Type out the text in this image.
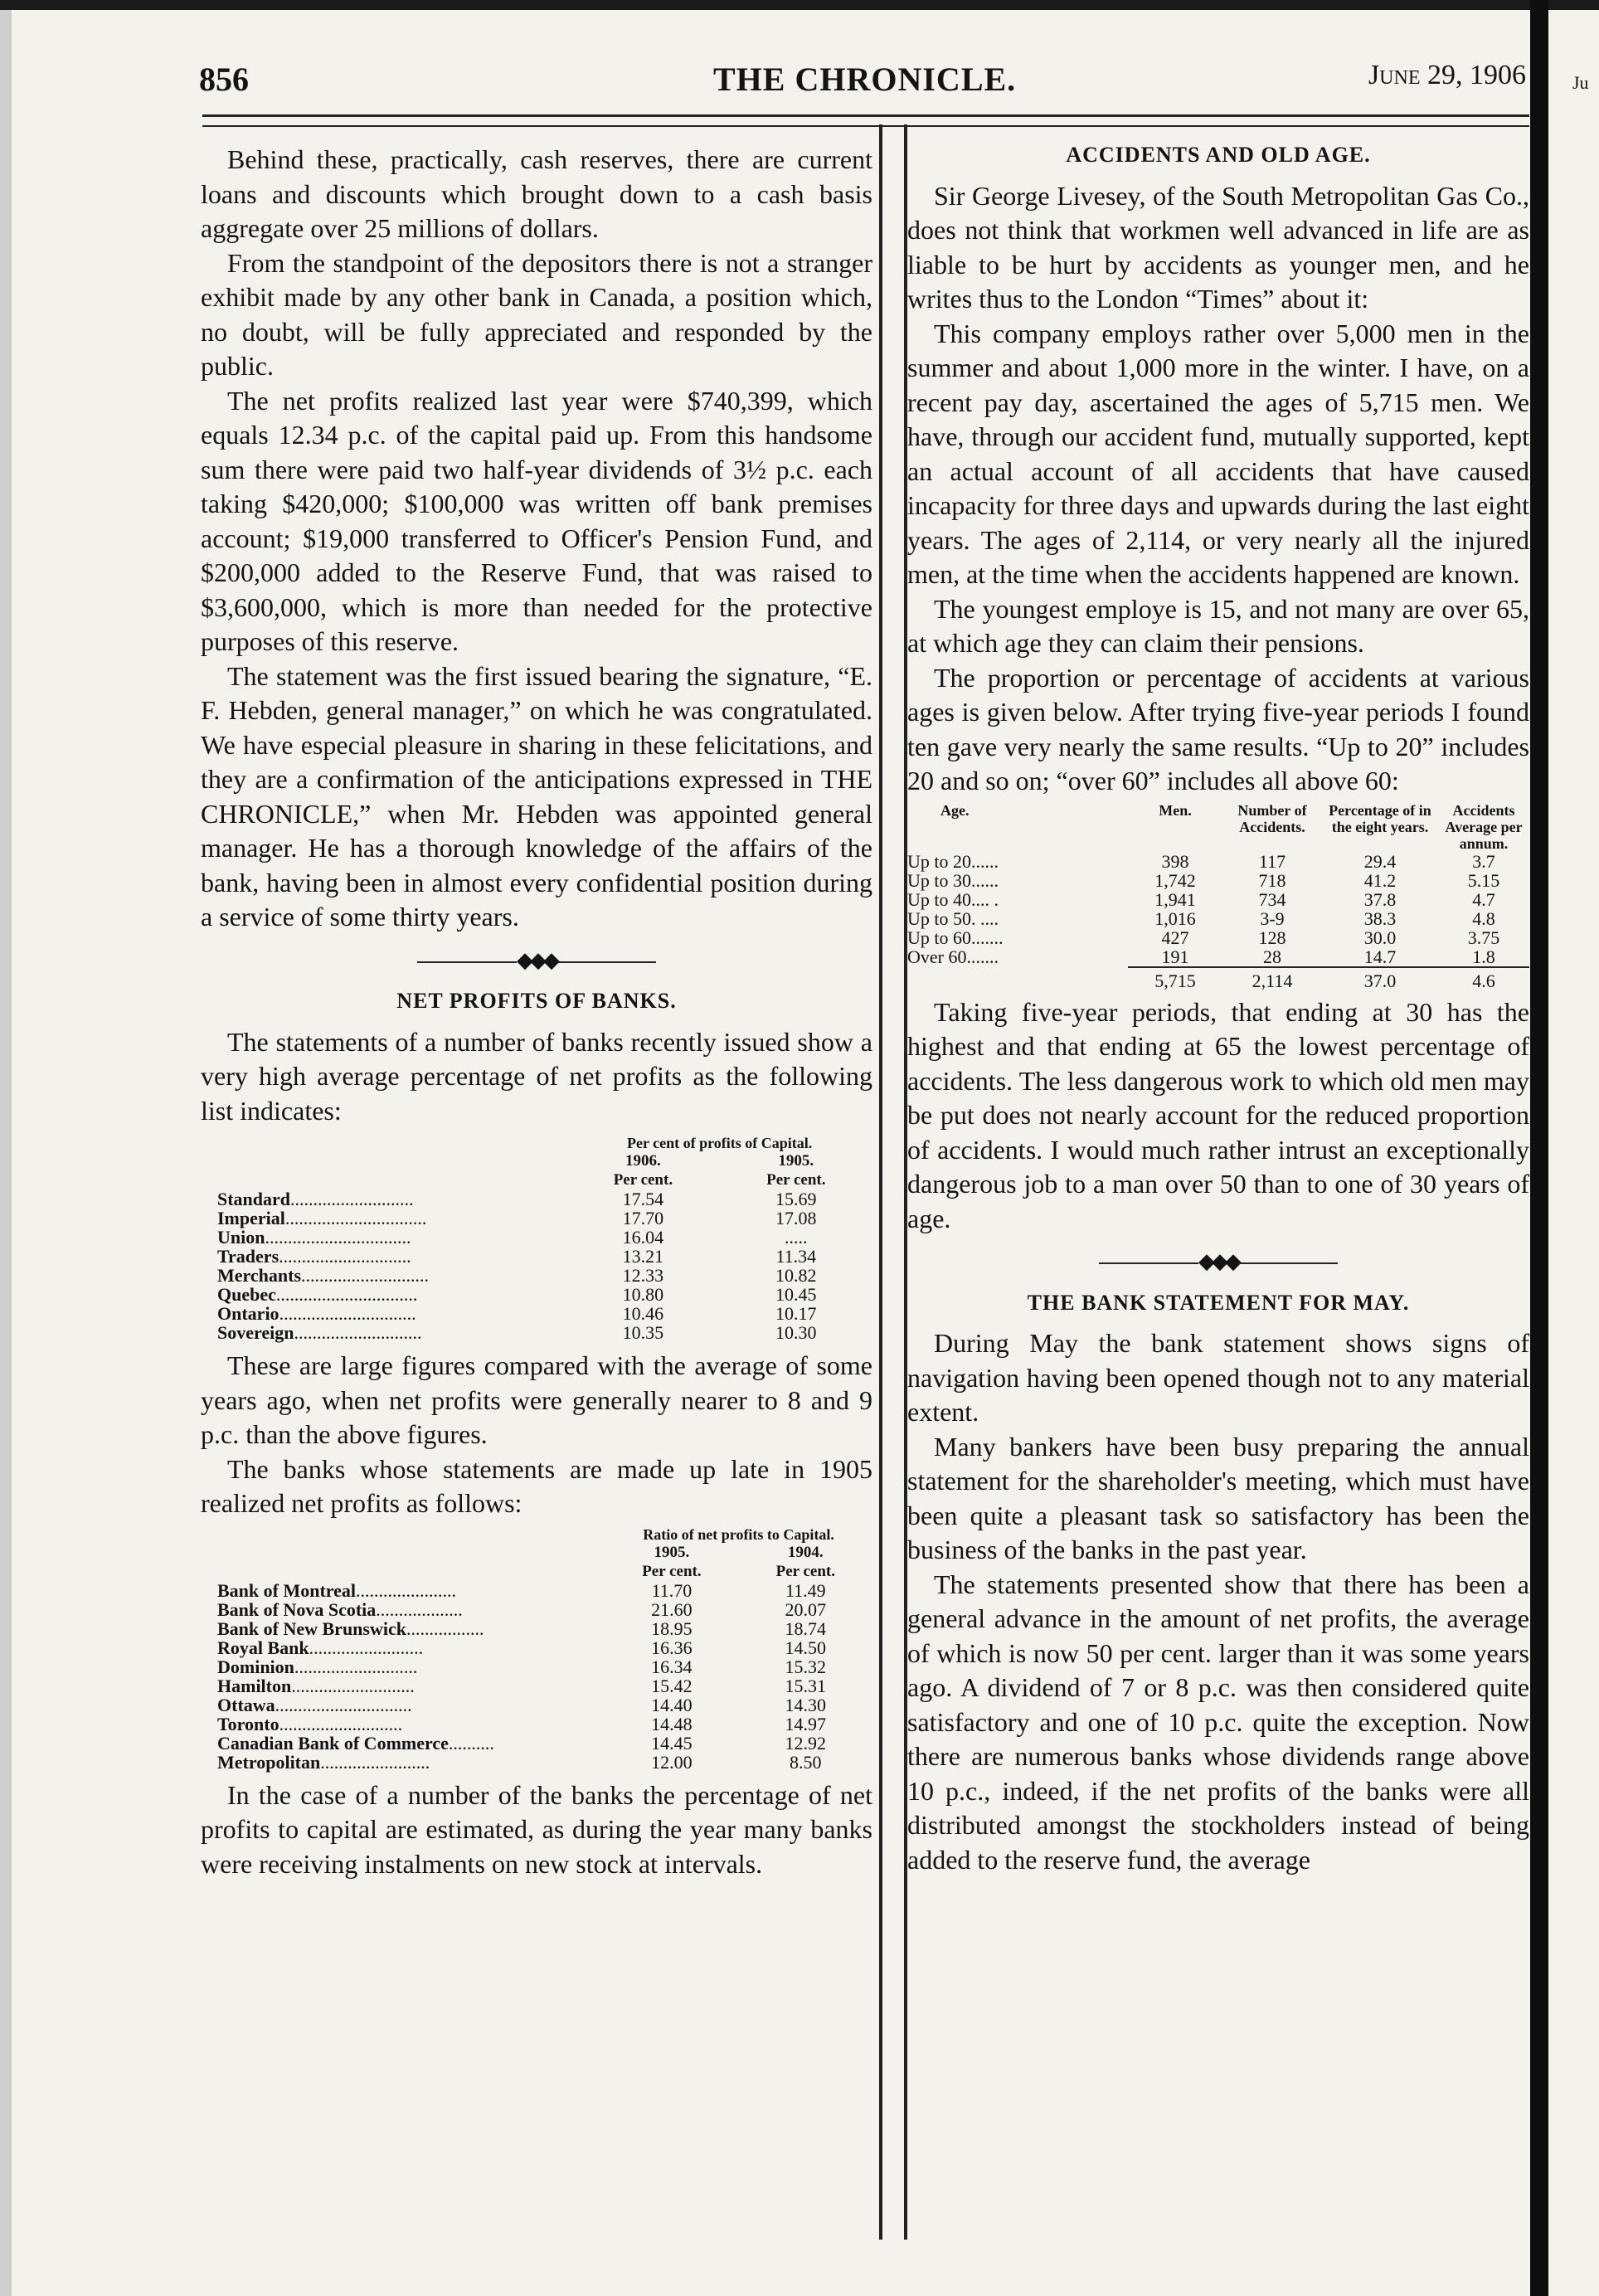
856	THE CHRONICLE.	June 29, 1906

Behind these, practically, cash reserves, there are current loans and discounts which brought down to a cash basis aggregate over 25 millions of dollars.

From the standpoint of the depositors there is not a stranger exhibit made by any other bank in Canada, a position which, no doubt, will be fully appreciated and responded by the public.

The net profits realized last year were $740,399, which equals 12.34 p.c. of the capital paid up. From this handsome sum there were paid two half-year dividends of 3½ p.c. each taking $420,000; $100,000 was written off bank premises account; $19,000 transferred to Officer's Pension Fund, and $200,000 added to the Reserve Fund, that was raised to $3,600,000, which is more than needed for the protective purposes of this reserve.

The statement was the first issued bearing the signature, “E. F. Hebden, general manager,” on which he was congratulated. We have especial pleasure in sharing in these felicitations, and they are a confirmation of the anticipations expressed in THE CHRONICLE,” when Mr. Hebden was appointed general manager. He has a thorough knowledge of the affairs of the bank, having been in almost every confidential position during a service of some thirty years.

◆◆◆
NET PROFITS OF BANKS.

The statements of a number of banks recently issued show a very high average percentage of net profits as the following list indicates:

	Per cent of profits of Capital.	
	1906.	1905.
	Per cent.	Per cent.
Standard...........................	17.54	15.69
Imperial...............................	17.70	17.08
Union................................	16.04	.....
Traders.............................	13.21	11.34
Merchants............................	12.33	10.82
Quebec...............................	10.80	10.45
Ontario..............................	10.46	10.17
Sovereign............................	10.35	10.30

These are large figures compared with the average of some years ago, when net profits were generally nearer to 8 and 9 p.c. than the above figures.

The banks whose statements are made up late in 1905 realized net profits as follows:

	Ratio of net profits to Capital.	
	1905.	1904.
	Per cent.	Per cent.
Bank of Montreal......................	11.70	11.49
Bank of Nova Scotia...................	21.60	20.07
Bank of New Brunswick.................	18.95	18.74
Royal Bank.........................	16.36	14.50
Dominion...........................	16.34	15.32
Hamilton...........................	15.42	15.31
Ottawa..............................	14.40	14.30
Toronto...........................	14.48	14.97
Canadian Bank of Commerce..........	14.45	12.92
Metropolitan........................	12.00	8.50

In the case of a number of the banks the percentage of net profits to capital are estimated, as during the year many banks were receiving instalments on new stock at intervals.

ACCIDENTS AND OLD AGE.

Sir George Livesey, of the South Metropolitan Gas Co., does not think that workmen well advanced in life are as liable to be hurt by accidents as younger men, and he writes thus to the London “Times” about it:

This company employs rather over 5,000 men in the summer and about 1,000 more in the winter. I have, on a recent pay day, ascertained the ages of 5,715 men. We have, through our accident fund, mutually supported, kept an actual account of all accidents that have caused incapacity for three days and upwards during the last eight years. The ages of 2,114, or very nearly all the injured men, at the time when the accidents happened are known.

The youngest employe is 15, and not many are over 65, at which age they can claim their pensions.

The proportion or percentage of accidents at various ages is given below. After trying five-year periods I found ten gave very nearly the same results. “Up to 20” includes 20 and so on; “over 60” includes all above 60:

Age.	Men.	Number of Accidents.	Percentage of in the eight years.	Accidents Average per annum.
Up to 20......	398	117	29.4	3.7
Up to 30......	1,742	718	41.2	5.15
Up to 40.... .	1,941	734	37.8	4.7
Up to 50. ....	1,016	3-9	38.3	4.8
Up to 60.......	427	128	30.0	3.75
Over 60.......	191	28	14.7	1.8
	5,715	2,114	37.0	4.6

Taking five-year periods, that ending at 30 has the highest and that ending at 65 the lowest percentage of accidents. The less dangerous work to which old men may be put does not nearly account for the reduced proportion of accidents. I would much rather intrust an exceptionally dangerous job to a man over 50 than to one of 30 years of age.

◆◆◆
THE BANK STATEMENT FOR MAY.

During May the bank statement shows signs of navigation having been opened though not to any material extent.

Many bankers have been busy preparing the annual statement for the shareholder's meeting, which must have been quite a pleasant task so satisfactory has been the business of the banks in the past year.

The statements presented show that there has been a general advance in the amount of net profits, the average of which is now 50 per cent. larger than it was some years ago. A dividend of 7 or 8 p.c. was then considered quite satisfactory and one of 10 p.c. quite the exception. Now there are numerous banks whose dividends range above 10 p.c., indeed, if the net profits of the banks were all distributed amongst the stockholders instead of being added to the reserve fund, the average

Ju
